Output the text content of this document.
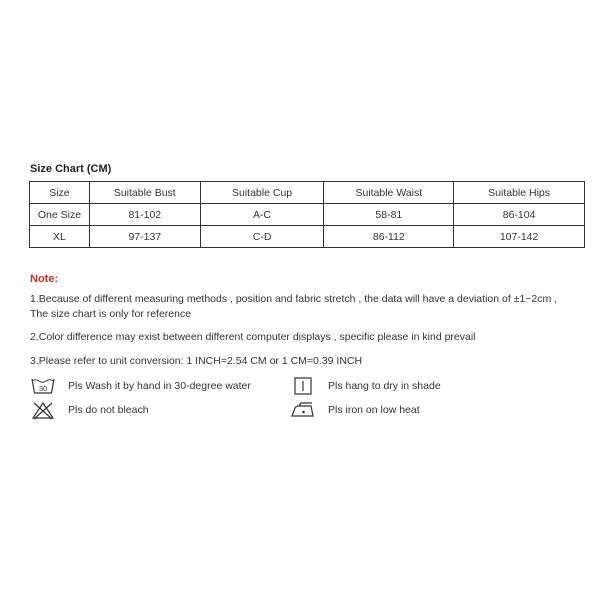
Size Chart (CM)
Size	Suitable Bust	Suitable Cup	Suitable Waist	Suitable Hips
One Size	81-102	A-C	58-81	86-104
XL	97-137	C-D	86-112	107-142
Note:
1.Because of different measuring methods , position and fabric stretch , the data will have a deviation of ±1~2cm ,
The size chart is only for reference
2.Color difference may exist between different computer displays , specific please in kind prevail
3.Please refer to unit conversion: 1 INCH=2.54 CM or 1 CM=0.39 INCH
30 Pls Wash it by hand in 30-degree water	Pls hang to dry in shade
Pls do not bleach	Pls iron on low heat
